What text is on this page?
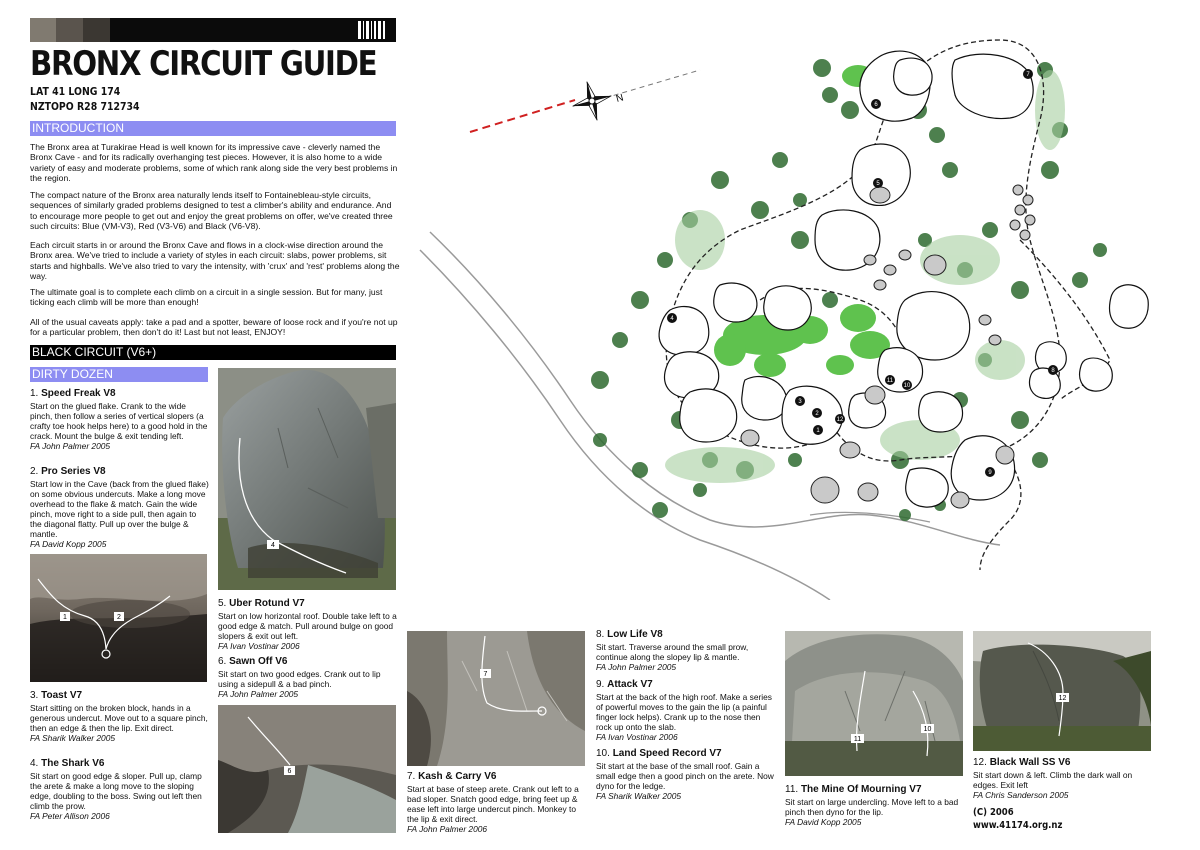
BRONX CIRCUIT GUIDE
LAT 41 LONG 174
NZTOPO R28 712734
INTRODUCTION

The Bronx area at Turakirae Head is well known for its impressive cave - cleverly named the Bronx Cave - and for its radically overhanging test pieces. However, it is also home to a wide variety of easy and moderate problems, some of which rank along side the very best problems in the region.

The compact nature of the Bronx area naturally lends itself to Fontainebleau-style circuits, sequences of similarly graded problems designed to test a climber's ability and endurance. And to encourage more people to get out and enjoy the great problems on offer, we've created three such circuits: Blue (VM-V3), Red (V3-V6) and Black (V6-V8).

Each circuit starts in or around the Bronx Cave and flows in a clock-wise direction around the Bronx area. We've tried to include a variety of styles in each circuit: slabs, power problems, sit starts and highballs. We've also tried to vary the intensity, with 'crux' and 'rest' problems along the way.

The ultimate goal is to complete each climb on a circuit in a single session. But for many, just ticking each climb will be more than enough!

All of the usual caveats apply: take a pad and a spotter, beware of loose rock and if you're not up for a particular problem, then don't do it! Last but not least, ENJOY!

BLACK CIRCUIT (V6+)
DIRTY DOZEN
1. Speed Freak V8
Start on the glued flake. Crank to the wide pinch, then follow a series of vertical slopers (a crafty toe hook helps here) to a good hold in the crack. Mount the bulge & exit tending left.
FA John Palmer 2005
2. Pro Series V8
Start low in the Cave (back from the glued flake) on some obvious undercuts. Make a long move overhead to the flake & match. Gain the wide pinch, move right to a side pull, then again to the diagonal flatty. Pull up over the bulge & mantle.
FA David Kopp 2005
3. Toast V7
Start sitting on the broken block, hands in a generous undercut. Move out to a square pinch, then an edge & then the lip. Exit direct.
FA Sharik Walker 2005
4. The Shark V6
Sit start on good edge & sloper. Pull up, clamp the arete & make a long move to the sloping edge, doubling to the boss. Swing out left then climb the prow.
FA Peter Allison 2006
5. Uber Rotund V7
Start on low horizontal roof. Double take left to a good edge & match. Pull around bulge on good slopers & exit out left.
FA Ivan Vostinar 2006
6. Sawn Off V6
Sit start on two good edges. Crank out to lip using a sidepull & a bad pinch.
FA John Palmer 2005
7. Kash & Carry V6
Start at base of steep arete. Crank out left to a bad sloper. Snatch good edge, bring feet up & ease left into large undercut pinch. Monkey to the lip & exit direct.
FA John Palmer 2006
8. Low Life V8
Sit start. Traverse around the small prow, continue along the slopey lip & mantle.
FA John Palmer 2005
9. Attack V7
Start at the back of the high roof. Make a series of powerful moves to the gain the lip (a painful finger lock helps). Crank up to the nose then rock up onto the slab.
FA Ivan Vostinar 2006
10. Land Speed Record V7
Sit start at the base of the small roof. Gain a small edge then a good pinch on the arete. Now dyno for the ledge.
FA Sharik Walker 2005
11. The Mine Of Mourning V7
Sit start on large undercling. Move left to a bad pinch then dyno for the lip.
FA David Kopp 2005
12. Black Wall SS V6
Sit start down & left. Climb the dark wall on edges. Exit left
FA Chris Sanderson 2005
1	2
4
6
7
11
10
12
N
1
2
3
4
5
6
7
8
9
10
11
12
(C) 2006
www.41174.org.nz
